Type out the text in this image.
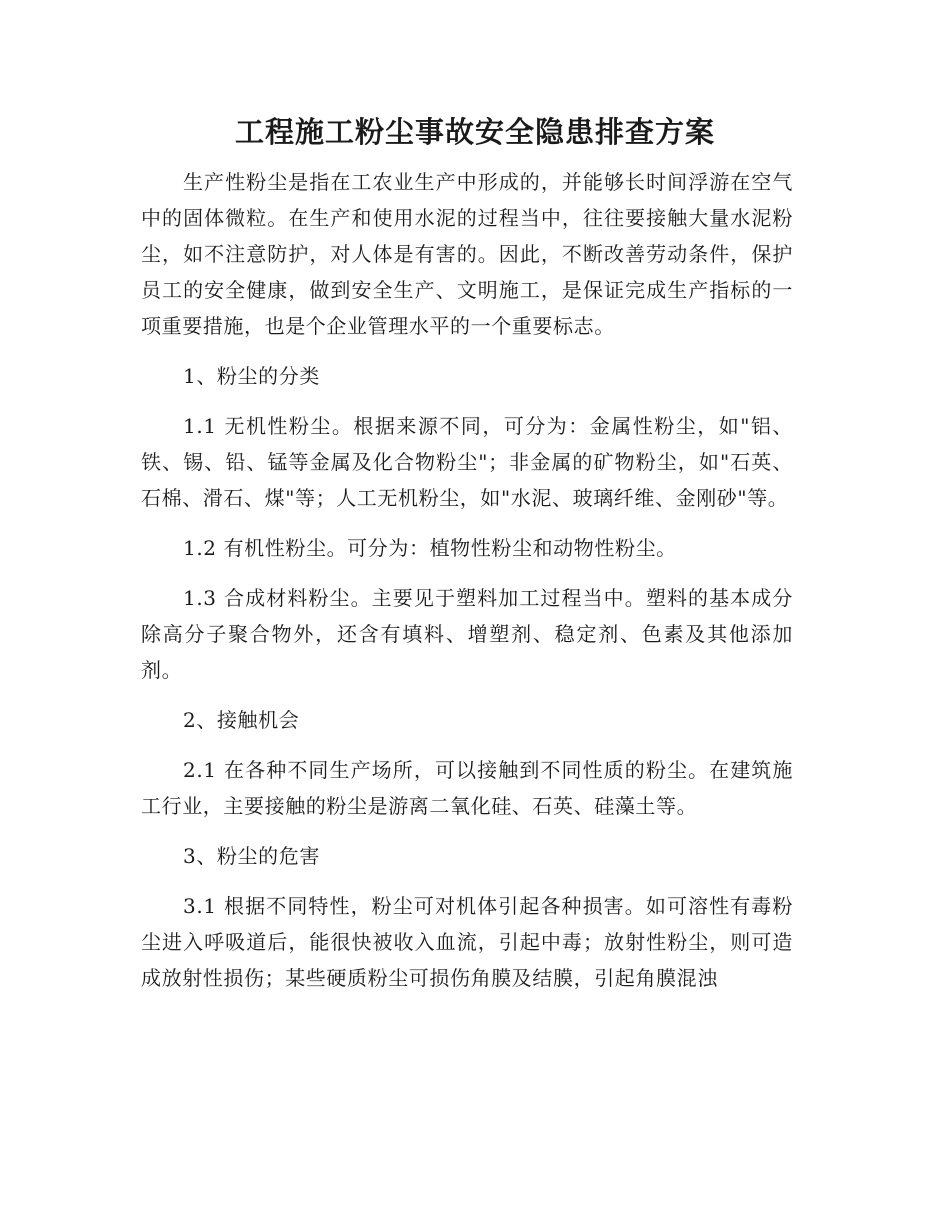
工程施工粉尘事故安全隐患排查方案

生产性粉尘是指在工农业生产中形成的，并能够长时间浮游在空气中的固体微粒。在生产和使用水泥的过程当中，往往要接触大量水泥粉尘，如不注意防护，对人体是有害的。因此，不断改善劳动条件，保护员工的安全健康，做到安全生产、文明施工，是保证完成生产指标的一项重要措施，也是个企业管理水平的一个重要标志。

1、粉尘的分类

1.1 无机性粉尘。根据来源不同，可分为：金属性粉尘，如"铝、铁、锡、铅、锰等金属及化合物粉尘"；非金属的矿物粉尘，如"石英、石棉、滑石、煤"等；人工无机粉尘，如"水泥、玻璃纤维、金刚砂"等。

1.2 有机性粉尘。可分为：植物性粉尘和动物性粉尘。

1.3 合成材料粉尘。主要见于塑料加工过程当中。塑料的基本成分除高分子聚合物外，还含有填料、增塑剂、稳定剂、色素及其他添加剂。

2、接触机会

2.1 在各种不同生产场所，可以接触到不同性质的粉尘。在建筑施工行业，主要接触的粉尘是游离二氧化硅、石英、硅藻土等。

3、粉尘的危害

3.1 根据不同特性，粉尘可对机体引起各种损害。如可溶性有毒粉尘进入呼吸道后，能很快被收入血流，引起中毒；放射性粉尘，则可造成放射性损伤；某些硬质粉尘可损伤角膜及结膜，引起角膜混浊
